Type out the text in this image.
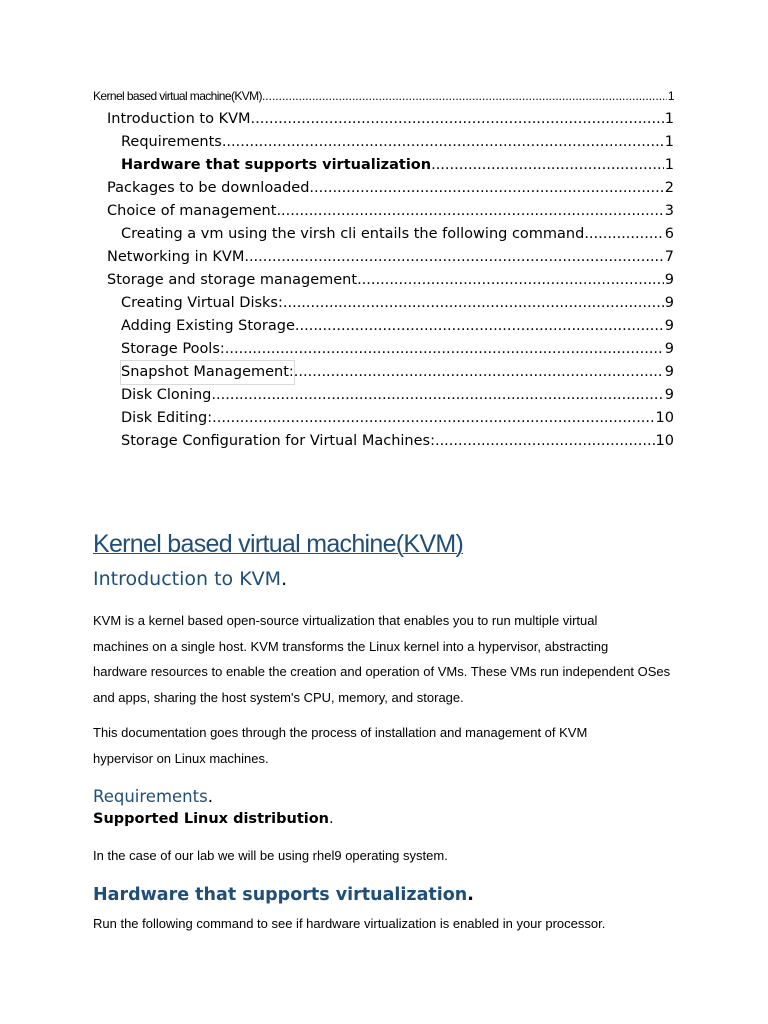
Kernel based virtual machine(KVM) .....	1
Introduction to KVM .....	1
Requirements .....	1
Hardware that supports virtualization .....	1
Packages to be downloaded .....	2
Choice of management .....	3
Creating a vm using the virsh cli entails the following command .....	6
Networking in KVM .....	7
Storage and storage management .....	9
Creating Virtual Disks: .....	9
Adding Existing Storage .....	9
Storage Pools: .....	9
Snapshot Management: .....	9
Disk Cloning .....	9
Disk Editing: .....	10
Storage Configuration for Virtual Machines: .....	10
Kernel based virtual machine(KVM)
Introduction to KVM.

KVM is a kernel based open-source virtualization that enables you to run multiple virtual
machines on a single host. KVM transforms the Linux kernel into a hypervisor, abstracting
hardware resources to enable the creation and operation of VMs. These VMs run independent OSes
and apps, sharing the host system's CPU, memory, and storage.

This documentation goes through the process of installation and management of KVM
hypervisor on Linux machines.

Requirements.

Supported Linux distribution.

In the case of our lab we will be using rhel9 operating system.

Hardware that supports virtualization.

Run the following command to see if hardware virtualization is enabled in your processor.
